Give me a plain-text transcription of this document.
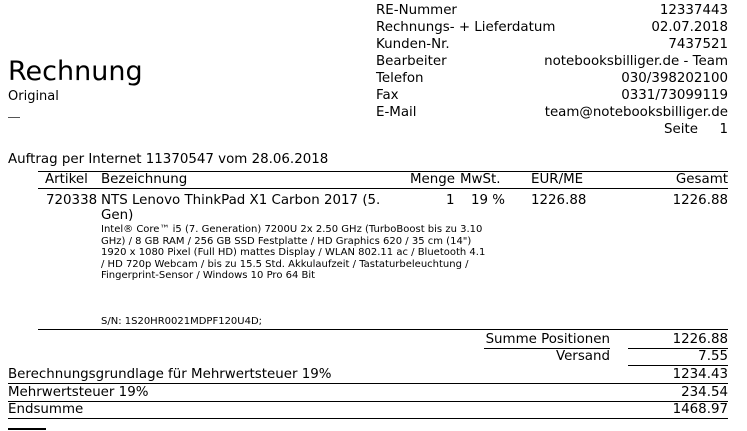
Rechnung
Original
RE-Nummer	12337443
Rechnungs- + Lieferdatum	02.07.2018
Kunden-Nr.	7437521
Bearbeiter	notebooksbilliger.de - Team
Telefon	030/398202100
Fax	0331/73099119
E-Mail	team@notebooksbilliger.de
Seite 1
Auftrag per Internet 11370547 vom 28.06.2018
Artikel Bezeichnung	Menge MwSt. EUR/ME	Gesamt
720338 NTS Lenovo ThinkPad X1 Carbon 2017 (5.
Gen)
1 19 % 1226.88	1226.88
Intel® Core™ i5 (7. Generation) 7200U 2x 2.50 GHz (TurboBoost bis zu 3.10 GHz) / 8 GB RAM / 256 GB SSD Festplatte / HD Graphics 620 / 35 cm (14") 1920 x 1080 Pixel (Full HD) mattes Display / WLAN 802.11 ac / Bluetooth 4.1 / HD 720p Webcam / bis zu 15.5 Std. Akkulaufzeit / Tastaturbeleuchtung / Fingerprint-Sensor / Windows 10 Pro 64 Bit
S/N: 1S20HR0021MDPF120U4D;
Summe Positionen	1226.88
Versand	7.55
Berechnungsgrundlage für Mehrwertsteuer 19%	1234.43
Mehrwertsteuer 19%	234.54
Endsumme	1468.97
